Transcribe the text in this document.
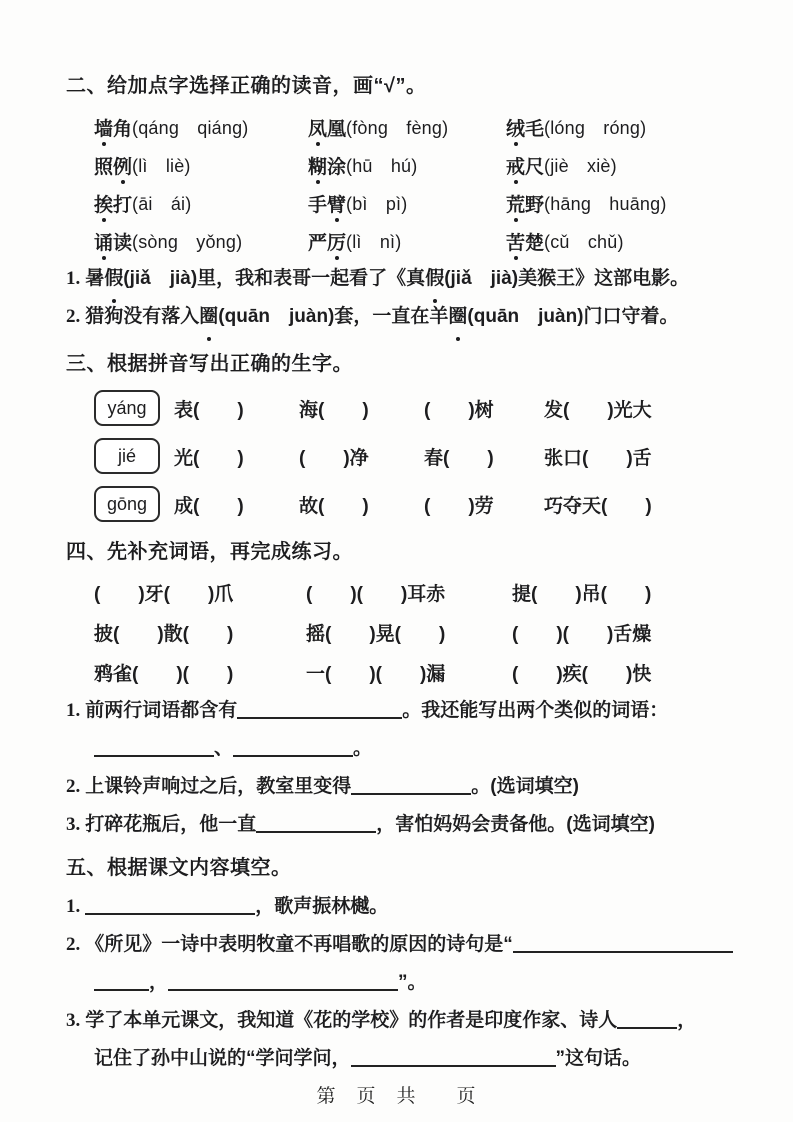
二、给加点字选择正确的读音，画“√”。
墙 角 (qáng　qiáng)	凤 凰 (fòng　fèng)	绒 毛 (lóng　róng)
照 例 (lì　liè)	糊 涂 (hū　hú)	戒 尺 (jiè　xiè)
挨 打 (āi　ái)	手 臂 (bì　pì)	荒 野 (hāng　huāng)
诵 读 (sòng　yǒng)	严 厉 (lì　nì)	苦 楚 (cǔ　chǔ)
1. 暑假(jiǎ　jià)里，我和表哥一起看了《真假(jiǎ　jià)美猴王》这部电影。
2. 猎狗没有落入圈(quān　juàn)套，一直在羊圈(quān　juàn)门口守着。
三、根据拼音写出正确的生字。
yáng	表(　　)	海(　　)	(　　)树	发(　　)光大
jié	光(　　)	(　　)净	春(　　)	张口(　　)舌
gōng	成(　　)	故(　　)	(　　)劳	巧夺天(　　)
四、先补充词语，再完成练习。
(　　)牙(　　)爪	(　　)(　　)耳赤	提(　　)吊(　　)
披(　　)散(　　)	摇(　　)晃(　　)	(　　)(　　)舌燥
鸦雀(　　)(　　)	一(　　)(　　)漏	(　　)疾(　　)快
1. 前两行词语都含有	。我还能写出两个类似的词语：
、	。
2. 上课铃声响过之后，教室里变得	。(选词填空)
3. 打碎花瓶后，他一直	，害怕妈妈会责备他。(选词填空)
五、根据课文内容填空。
1.	，歌声振林樾。
2. 《所见》一诗中表明牧童不再唱歌的原因的诗句是“
，	”。
3. 学了本单元课文，我知道《花的学校》的作者是印度作家、诗人	，
记住了孙中山说的“学问学问，	”这句话。
第　页　共　　页
